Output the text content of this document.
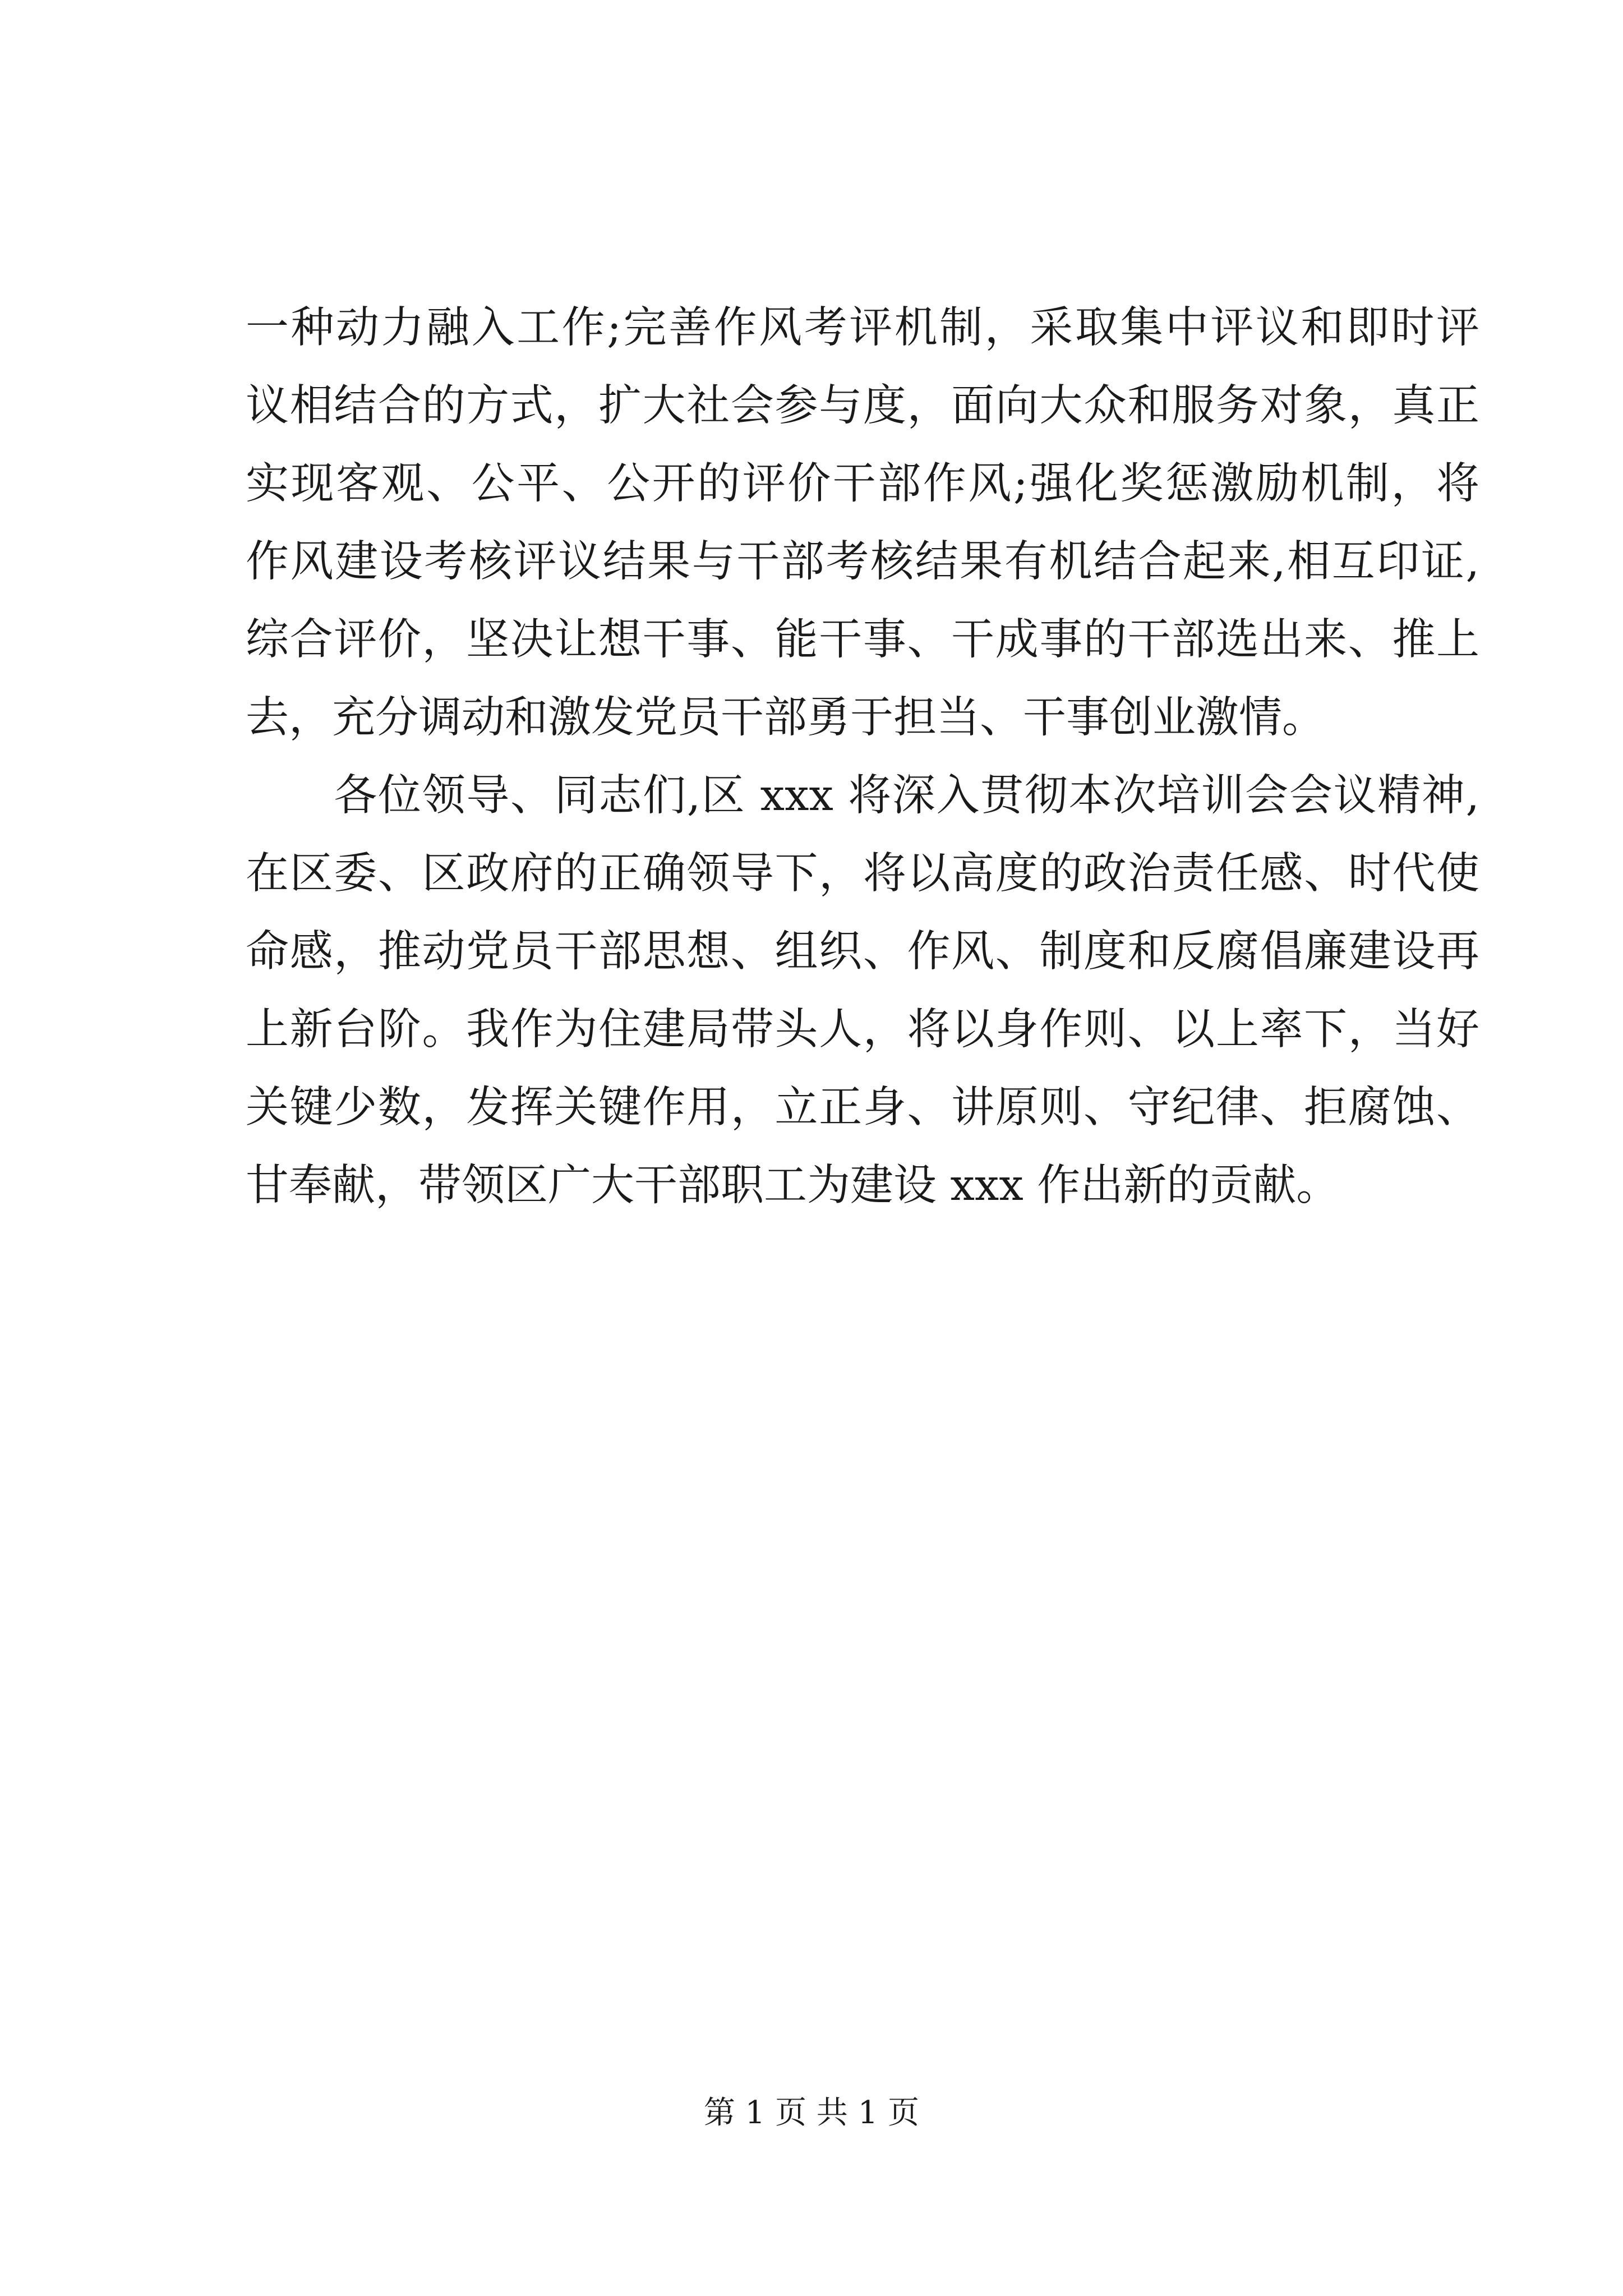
一种动力融入工作;完善作风考评机制，采取集中评议和即时评
议相结合的方式，扩大社会参与度，面向大众和服务对象，真正
实现客观、公平、公开的评价干部作风;强化奖惩激励机制，将
作风建设考核评议结果与干部考核结果有机结合起来,相互印证,
综合评价，坚决让想干事、能干事、干成事的干部选出来、推上
去，充分调动和激发党员干部勇于担当、干事创业激情。
　　各位领导、同志们,区 xxx 将深入贯彻本次培训会会议精神,
在区委、区政府的正确领导下，将以高度的政治责任感、时代使
命感，推动党员干部思想、组织、作风、制度和反腐倡廉建设再
上新台阶。我作为住建局带头人，将以身作则、以上率下，当好
关键少数，发挥关键作用，立正身、讲原则、守纪律、拒腐蚀、
甘奉献，带领区广大干部职工为建设 xxx 作出新的贡献。
第 1 页 共 1 页
